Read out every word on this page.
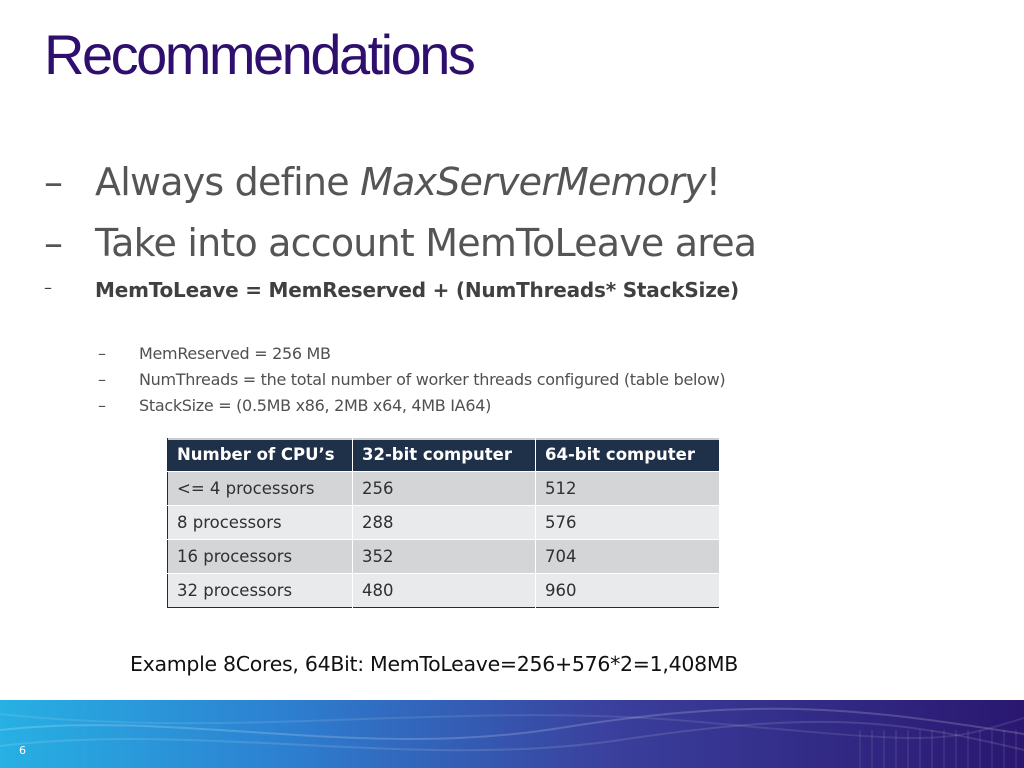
Recommendations
– Always define MaxServerMemory!
– Take into account MemToLeave area
– MemToLeave = MemReserved + (NumThreads* StackSize)
– MemReserved = 256 MB
– NumThreads = the total number of worker threads configured (table below)
– StackSize = (0.5MB x86, 2MB x64, 4MB IA64)
Number of CPU’s	32-bit computer	64-bit computer
<= 4 processors	256	512
8 processors	288	576
16 processors	352	704
32 processors	480	960

Example 8Cores, 64Bit: MemToLeave=256+576*2=1,408MB

6
